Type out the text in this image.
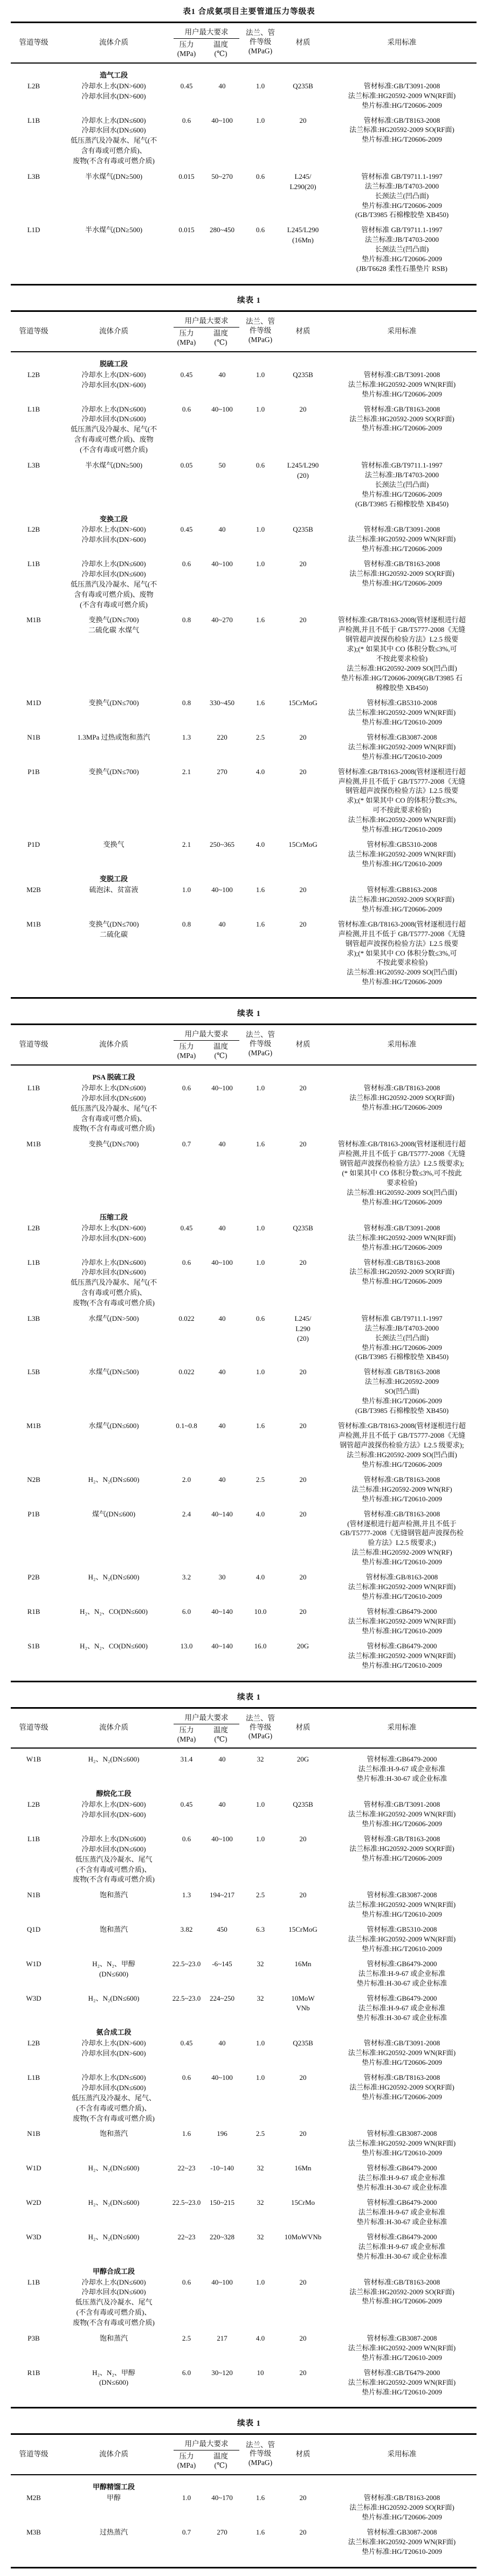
表1 合成氨项目主要管道压力等级表
管道等级	流体介质
用户最大要求
压力
(MPa)
温度
(℃)
法兰、管
件等级
(MPaG)
材质	采用标准
造气工段
L2B	冷却水上水(DN>600)
冷却水回水(DN>600)
0.45	40	1.0	Q235B	管材标准:GB/T3091-2008
法兰标准:HG20592-2009 WN(RF面)
垫片标准:HG/T20606-2009
L1B	冷却水上水(DN≤600)
冷却水回水(DN≤600)
低压蒸汽及冷凝水、尾气(不
含有毒或可燃介质)、
废物(不含有毒或可燃介质)
0.6	40~100	1.0	20	管材标准:GB/T8163-2008
法兰标准:HG20592-2009 SO(RF面)
垫片标准:HG/T20606-2009
L3B	半水煤气(DN≥500)	0.015	50~270	0.6	L245/
L290(20)
管材标准 GB/T9711.1-1997
法兰标准:JB/T4703-2000
长颈法兰(凹凸面)
垫片标准:HG/T20606-2009
(GB/T3985 石棉橡胶垫 XB450)
L1D	半水煤气(DN≥500)	0.015	280~450	0.6	L245/L290
(16Mn)
管材标准 GB/T9711.1-1997
法兰标准:JB/T4703-2000
长颈法兰(凹凸面)
垫片标准:HG/T20606-2009
(JB/T6628 柔性石墨垫片 RSB)
续表 1
管道等级	流体介质
用户最大要求
压力
(MPa)
温度
(℃)
法兰、管
件等级
(MPaG)
材质	采用标准
脱硫工段
L2B	冷却水上水(DN>600)
冷却水回水(DN>600)
0.45	40	1.0	Q235B	管材标准:GB/T3091-2008
法兰标准:HG20592-2009 WN(RF面)
垫片标准:HG/T20606-2009
L1B	冷却水上水(DN≤600)
冷却水回水(DN≤600)
低压蒸汽及冷凝水、尾气(不
含有毒或可燃介质)、废物
(不含有毒或可燃介质)
0.6	40~100	1.0	20	管材标准:GB/T8163-2008
法兰标准:HG20592-2009 SO(RF面)
垫片标准:HG/T20606-2009
L3B	半水煤气(DN≥500)	0.05	50	0.6	L245/L290
(20)
管材标准:GB/T9711.1-1997
法兰标准:JB/T4703-2000
长颈法兰(凹凸面)
垫片标准:HG/T20606-2009
(GB/T3985 石棉橡胶垫 XB450)
变换工段
L2B	冷却水上水(DN>600)
冷却水回水(DN>600)
0.45	40	1.0	Q235B	管材标准:GB/T3091-2008
法兰标准:HG20592-2009 WN(RF面)
垫片标准:HG/T20606-2009
L1B	冷却水上水(DN≤600)
冷却水回水(DN≤600)
低压蒸汽及冷凝水、尾气(不
含有毒或可燃介质)、废物
(不含有毒或可燃介质)
0.6	40~100	1.0	20	管材标准:GB/T8163-2008
法兰标准:HG20592-2009 SO(RF面)
垫片标准:HG/T20606-2009
M1B	变换气(DN≤700)
二硫化碳 水煤气
0.8	40~270	1.6	20	管材标准:GB/T8163-2008(管材逐根进行超
声检测,并且不低于 GB/T5777-2008《无缝
钢管超声波探伤检验方法》L2.5 级要
求);(* 如果其中 CO 体积分数≤3%,可
不按此要求检验)
法兰标准:HG20592-2009 SO(凹凸面)
垫片标准:HG/T20606-2009(GB/T3985 石
棉橡胶垫 XB450)
M1D	变换气(DN≤700)	0.8	330~450	1.6	15CrMoG	管材标准:GB5310-2008
法兰标准:HG20592-2009 WN(RF面)
垫片标准:HG/T20610-2009
N1B	1.3MPa 过热或饱和蒸汽	1.3	220	2.5	20	管材标准:GB3087-2008
法兰标准:HG20592-2009 WN(RF面)
垫片标准:HG/T20610-2009
P1B	变换气(DN≤700)	2.1	270	4.0	20	管材标准:GB/T8163-2008(管材逐根进行超
声检测,并且不低于 GB/T5777-2008《无缝
钢管超声波探伤检验方法》L2.5 级要
求);(* 如果其中 CO 的体积分数≤3%,
可不按此要求检验)
法兰标准:HG20592-2009 WN(RF面)
垫片标准:HG/T20610-2009
P1D	变换气	2.1	250~365	4.0	15CrMoG	管材标准:GB5310-2008
法兰标准:HG20592-2009 WN(RF面)
垫片标准:HG/T20610-2009
变脱工段
M2B	硫泡沫、贫富液	1.0	40~100	1.6	20	管材标准:GB8163-2008
法兰标准:HG20592-2009 SO(RF面)
垫片标准:HG/T20606-2009
M1B	变换气(DN≤700)
二硫化碳
0.8	40	1.6	20	管材标准:GB/T8163-2008(管材逐根进行超
声检测,并且不低于 GB/T5777-2008《无缝
钢管超声波探伤检验方法》L2.5 级要
求);(* 如果其中 CO 体积分数≤3%,可
不按此要求检验)
法兰标准:HG20592-2009 SO(凹凸面)
垫片标准:HG/T20606-2009
续表 1
管道等级	流体介质
用户最大要求
压力
(MPa)
温度
(℃)
法兰、管
件等级
(MPaG)
材质	采用标准
PSA 脱硫工段
L1B	冷却水上水(DN≤600)
冷却水回水(DN≤600)
低压蒸汽及冷凝水、尾气(不
含有毒或可燃介质)、
废物(不含有毒或可燃介质)
0.6	40~100	1.0	20	管材标准:GB/T8163-2008
法兰标准:HG20592-2009 SO(RF面)
垫片标准:HG/T20606-2009
M1B	变换气(DN≤700)	0.7	40	1.6	20	管材标准:GB/T8163-2008(管材逐根进行超
声检测,并且不低于 GB/T5777-2008《无缝
钢管超声波探伤检验方法》L2.5 级要求);
(* 如果其中 CO 体积分数≤3%,可不按此
要求检验)
法兰标准:HG20592-2009 SO(凹凸面)
垫片标准:HG/T20606-2009
压缩工段
L2B	冷却水上水(DN>600)
冷却水回水(DN>600)
0.45	40	1.0	Q235B	管材标准:GB/T3091-2008
法兰标准:HG20592-2009 WN(RF面)
垫片标准:HG/T20606-2009
L1B	冷却水上水(DN≤600)
冷却水回水(DN≤600)
低压蒸汽及冷凝水、尾气(不
含有毒或可燃介质)、
废物(不含有毒或可燃介质)
0.6	40~100	1.0	20	管材标准:GB/T8163-2008
法兰标准:HG20592-2009 SO(RF面)
垫片标准:HG/T20606-2009
L3B	水煤气(DN>500)	0.022	40	0.6	L245/
L290
(20)
管材标准 GB/T9711.1-1997
法兰标准:JB/T4703-2000
长颈法兰(凹凸面)
垫片标准:HG/T20606-2009
(GB/T3985 石棉橡胶垫 XB450)
L5B	水煤气(DN≤500)	0.022	40	1.0	20	管材标准 GB/T8163-2008
法兰标准:HG20592-2009
SO(凹凸面)
垫片标准:HG/T20606-2009
(GB/T3985 石棉橡胶垫 XB450)
M1B	水煤气(DN≤600)	0.1~0.8	40	1.6	20	管材标准:GB/T8163-2008(管材逐根进行超
声检测,并且不低于 GB/T5777-2008《无缝
钢管超声波探伤检验方法》L2.5 级要求);
法兰标准:HG20592-2009 SO(凹凸面)
垫片标准:HG/T20606-2009
N2B	H₂、N₂(DN≤600)	2.0	40	2.5	20	管材标准:GB/T8163-2008
法兰标准:HG20592-2009 WN(RF)
垫片标准:HG/T20610-2009
P1B	煤气(DN≤600)	2.4	40~140	4.0	20	管材标准:GB/T8163-2008
(管材逐根进行超声检测,并且不低于
GB/T5777-2008《无缝钢管超声波探伤检
验方法》L2.5 级要求;)
法兰标准:HG20592-2009 WN(RF)
垫片标准:HG/T20610-2009
P2B	H₂、N₂(DN≤600)	3.2	30	4.0	20	管材标准:GB/8163-2008
法兰标准:HG20592-2009 WN(RF面)
垫片标准:HG/T20610-2009
R1B	H₂、N₂、CO(DN≤600)	6.0	40~140	10.0	20	管材标准:GB6479-2000
法兰标准:HG20592-2009 WN(RF面)
垫片标准:HG/T20610-2009
S1B	H₂、N₂、CO(DN≤600)	13.0	40~140	16.0	20G	管材标准:GB6479-2000
法兰标准:HG20592-2009 WN(RF面)
垫片标准:HG/T20610-2009
续表 1
管道等级	流体介质
用户最大要求
压力
(MPa)
温度
(℃)
法兰、管
件等级
(MPaG)
材质	采用标准
W1B	H₂、N₂(DN≤600)	31.4	40	32	20G	管材标准:GB6479-2000
法兰标准:H-9-67 或企业标准
垫片标准:H-30-67 或企业标准
醇烷化工段
L2B	冷却水上水(DN>600)
冷却水回水(DN>600)
0.45	40	1.0	Q235B	管材标准:GB/T3091-2008
法兰标准:HG20592-2009 WN(RF面)
垫片标准:HG/T20606-2009
L1B	冷却水上水(DN≤600)
冷却水回水(DN≤600)
低压蒸汽及冷凝水、尾气
(不含有毒或可燃介质)、
废物(不含有毒或可燃介质)
0.6	40~100	1.0	20	管材标准:GB/T8163-2008
法兰标准:HG20592-2009 SO(RF面)
垫片标准:HG/T20606-2009
N1B	饱和蒸汽	1.3	194~217	2.5	20	管材标准:GB3087-2008
法兰标准:HG20592-2009 WN(RF面)
垫片标准:HG/T20610-2009
Q1D	饱和蒸汽	3.82	450	6.3	15CrMoG	管材标准:GB5310-2008
法兰标准:HG20592-2009 WN(RF面)
垫片标准:HG/T20610-2009
W1D	H₂、N₂、甲醇
(DN≤600)
22.5~23.0	-6~145	32	16Mn	管材标准:GB6479-2000
法兰标准:H-9-67 或企业标准
垫片标准:H-30-67 或企业标准
W3D	H₂、N₂(DN≤600)	22.5~23.0	224~250	32	10MoW
VNb
管材标准:GB6479-2000
法兰标准:H-9-67 或企业标准
垫片标准:H-30-67 或企业标准
氨合成工段
L2B	冷却水上水(DN>600)
冷却水回水(DN>600)
0.45	40	1.0	Q235B	管材标准:GB/T3091-2008
法兰标准:HG20592-2009 WN(RF面)
垫片标准:HG/T20606-2009
L1B	冷却水上水(DN≤600)
冷却水回水(DN≤600)
低压蒸汽及冷凝水、尾气、
(不含有毒或可燃介质)、
废物(不含有毒或可燃介质)
0.6	40~100	1.0	20	管材标准:GB/T8163-2008
法兰标准:HG20592-2009 SO(RF面)
垫片标准:HG/T20606-2009
N1B	饱和蒸汽	1.6	196	2.5	20	管材标准:GB3087-2008
法兰标准:HG20592-2009 WN(RF面)
垫片标准:HG/T20610-2009
W1D	H₂、N₂(DN≤600)	22~23	-10~140	32	16Mn	管材标准:GB6479-2000
法兰标准:H-9-67 或企业标准
垫片标准:H-30-67 或企业标准
W2D	H₂、N₂(DN≤600)	22.5~23.0	150~215	32	15CrMo	管材标准:GB6479-2000
法兰标准:H-9-67 或企业标准
垫片标准:H-30-67 或企业标准
W3D	H₂、N₂(DN≤600)	22~23	220~328	32	10MoWVNb	管材标准:GB6479-2000
法兰标准:H-9-67 或企业标准
垫片标准:H-30-67 或企业标准
甲醇合成工段
L1B	冷却水上水(DN≤600)
冷却水回水(DN≤600)
低压蒸汽及冷凝水、尾气
(不含有毒或可燃介质)、
废物(不含有毒或可燃介质)
0.6	40~100	1.0	20	管材标准:GB/T8163-2008
法兰标准:HG20592-2009 SO(RF面)
垫片标准:HG/T20606-2009
P3B	饱和蒸汽	2.5	217	4.0	20	管材标准:GB3087-2008
法兰标准:HG20592-2009 WN(RF面)
垫片标准:HG/T20610-2009
R1B	H₂、N₂、甲醇
(DN≤600)
6.0	30~120	10	20	管材标准:GB/T6479-2000
法兰标准:HG20592-2009 WN(RF面)
垫片标准:HG/T20610-2009
续表 1
管道等级	流体介质
用户最大要求
压力
(MPa)
温度
(℃)
法兰、管
件等级
(MPaG)
材质	采用标准
甲醇精馏工段
M2B	甲醇	1.0	40~170	1.6	20	管材标准:GB/T8163-2008
法兰标准:HG20592-2009 SO(RF面)
垫片标准:HG/T20606-2009
M3B	过热蒸汽	0.7	270	1.6	20	管材标准:GB3087-2008
法兰标准:HG20592-2009 WN(RF面)
垫片标准:HG/T20610-2009
